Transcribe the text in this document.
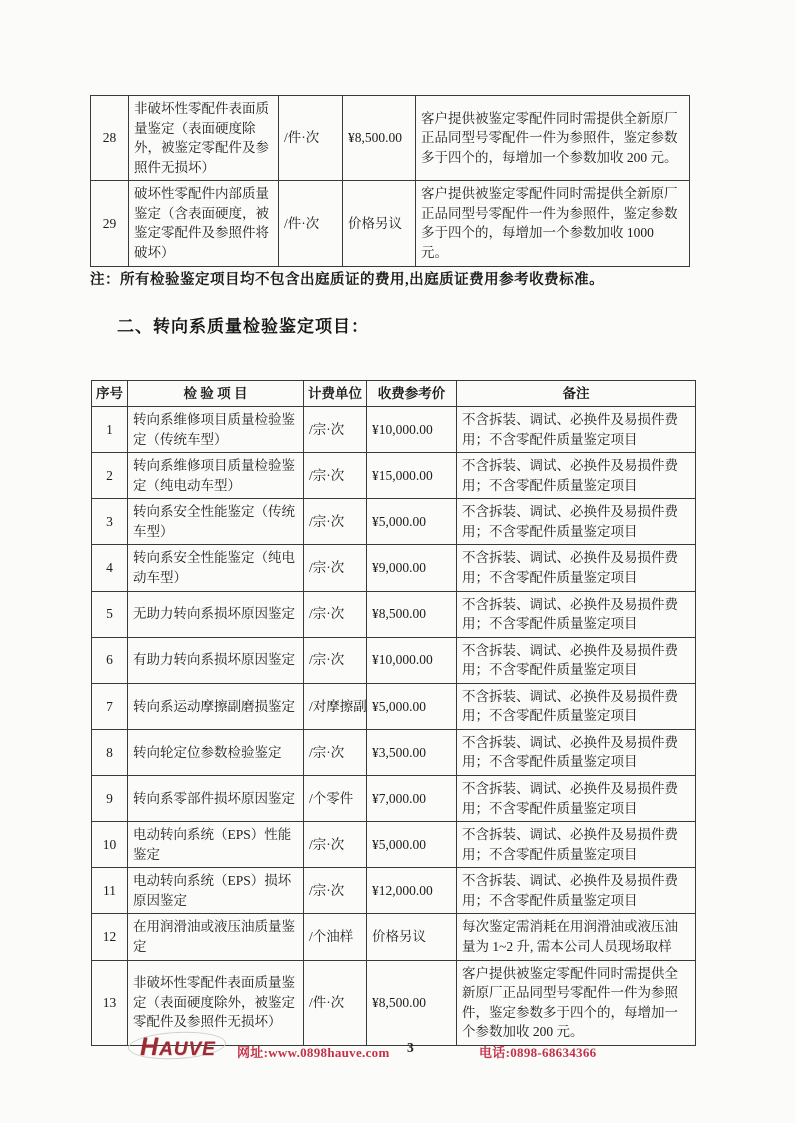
28	非破坏性零配件表面质量鉴定（表面硬度除外，被鉴定零配件及参照件无损坏）	/件·次	¥8,500.00	客户提供被鉴定零配件同时需提供全新原厂正品同型号零配件一件为参照件，鉴定参数多于四个的，每增加一个参数加收 200 元。
29	破坏性零配件内部质量鉴定（含表面硬度，被鉴定零配件及参照件将破坏）	/件·次	价格另议	客户提供被鉴定零配件同时需提供全新原厂正品同型号零配件一件为参照件，鉴定参数多于四个的，每增加一个参数加收 1000 元。

注：所有检验鉴定项目均不包含出庭质证的费用,出庭质证费用参考收费标准。

二、转向系质量检验鉴定项目：
序号	检 验 项 目	计费单位	收费参考价	备注
1	转向系维修项目质量检验鉴定（传统车型）	/宗·次	¥10,000.00	不含拆装、调试、必换件及易损件费用；不含零配件质量鉴定项目
2	转向系维修项目质量检验鉴定（纯电动车型）	/宗·次	¥15,000.00	不含拆装、调试、必换件及易损件费用；不含零配件质量鉴定项目
3	转向系安全性能鉴定（传统车型）	/宗·次	¥5,000.00	不含拆装、调试、必换件及易损件费用；不含零配件质量鉴定项目
4	转向系安全性能鉴定（纯电动车型）	/宗·次	¥9,000.00	不含拆装、调试、必换件及易损件费用；不含零配件质量鉴定项目
5	无助力转向系损坏原因鉴定	/宗·次	¥8,500.00	不含拆装、调试、必换件及易损件费用；不含零配件质量鉴定项目
6	有助力转向系损坏原因鉴定	/宗·次	¥10,000.00	不含拆装、调试、必换件及易损件费用；不含零配件质量鉴定项目
7	转向系运动摩擦副磨损鉴定	/对摩擦副	¥5,000.00	不含拆装、调试、必换件及易损件费用；不含零配件质量鉴定项目
8	转向轮定位参数检验鉴定	/宗·次	¥3,500.00	不含拆装、调试、必换件及易损件费用；不含零配件质量鉴定项目
9	转向系零部件损坏原因鉴定	/个零件	¥7,000.00	不含拆装、调试、必换件及易损件费用；不含零配件质量鉴定项目
10	电动转向系统（EPS）性能鉴定	/宗·次	¥5,000.00	不含拆装、调试、必换件及易损件费用；不含零配件质量鉴定项目
11	电动转向系统（EPS）损坏原因鉴定	/宗·次	¥12,000.00	不含拆装、调试、必换件及易损件费用；不含零配件质量鉴定项目
12	在用润滑油或液压油质量鉴定	/个油样	价格另议	每次鉴定需消耗在用润滑油或液压油量为 1~2 升, 需本公司人员现场取样
13	非破坏性零配件表面质量鉴定（表面硬度除外，被鉴定零配件及参照件无损坏）	/件·次	¥8,500.00	客户提供被鉴定零配件同时需提供全新原厂正品同型号零配件一件为参照件，鉴定参数多于四个的，每增加一个参数加收 200 元。
HAUVE 网址:www.0898hauve.com 3	电话:0898-68634366
